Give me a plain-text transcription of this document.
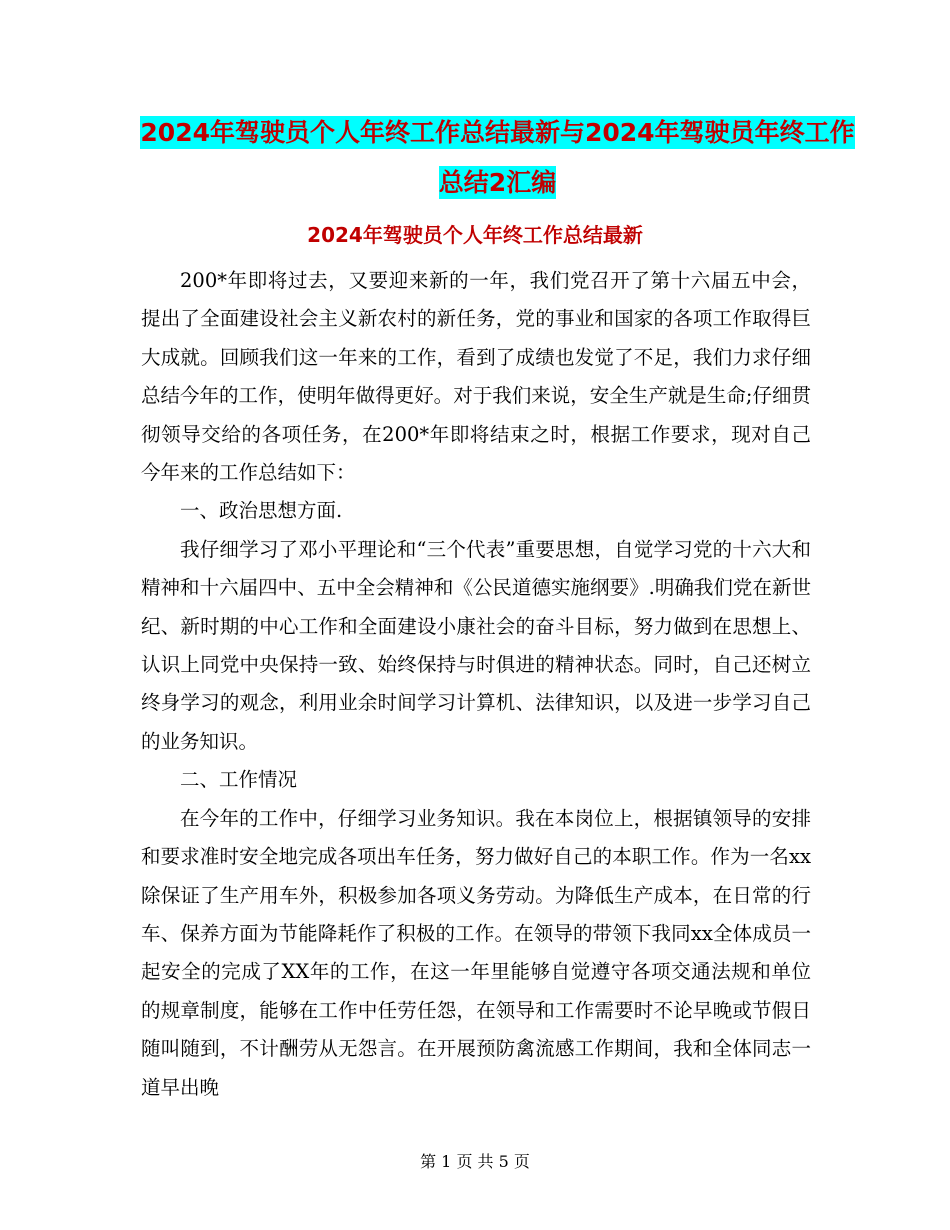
2024年驾驶员个人年终工作总结最新与2024年驾驶员年终工作总结2汇编
2024年驾驶员个人年终工作总结最新

200*年即将过去，又要迎来新的一年，我们党召开了第十六届五中会，提出了全面建设社会主义新农村的新任务，党的事业和国家的各项工作取得巨大成就。回顾我们这一年来的工作，看到了成绩也发觉了不足，我们力求仔细总结今年的工作，使明年做得更好。对于我们来说，安全生产就是生命;仔细贯彻领导交给的各项任务，在200*年即将结束之时，根据工作要求，现对自己今年来的工作总结如下：

一、政治思想方面.

我仔细学习了邓小平理论和“三个代表”重要思想，自觉学习党的十六大和精神和十六届四中、五中全会精神和《公民道德实施纲要》.明确我们党在新世纪、新时期的中心工作和全面建设小康社会的奋斗目标，努力做到在思想上、认识上同党中央保持一致、始终保持与时俱进的精神状态。同时，自己还树立终身学习的观念，利用业余时间学习计算机、法律知识，以及进一步学习自己的业务知识。

二、工作情况

在今年的工作中，仔细学习业务知识。我在本岗位上，根据镇领导的安排和要求准时安全地完成各项出车任务，努力做好自己的本职工作。作为一名xx除保证了生产用车外，积极参加各项义务劳动。为降低生产成本，在日常的行车、保养方面为节能降耗作了积极的工作。在领导的带领下我同xx全体成员一起安全的完成了XX年的工作，在这一年里能够自觉遵守各项交通法规和单位的规章制度，能够在工作中任劳任怨，在领导和工作需要时不论早晚或节假日随叫随到，不计酬劳从无怨言。在开展预防禽流感工作期间，我和全体同志一道早出晚

第 1 页 共 5 页
